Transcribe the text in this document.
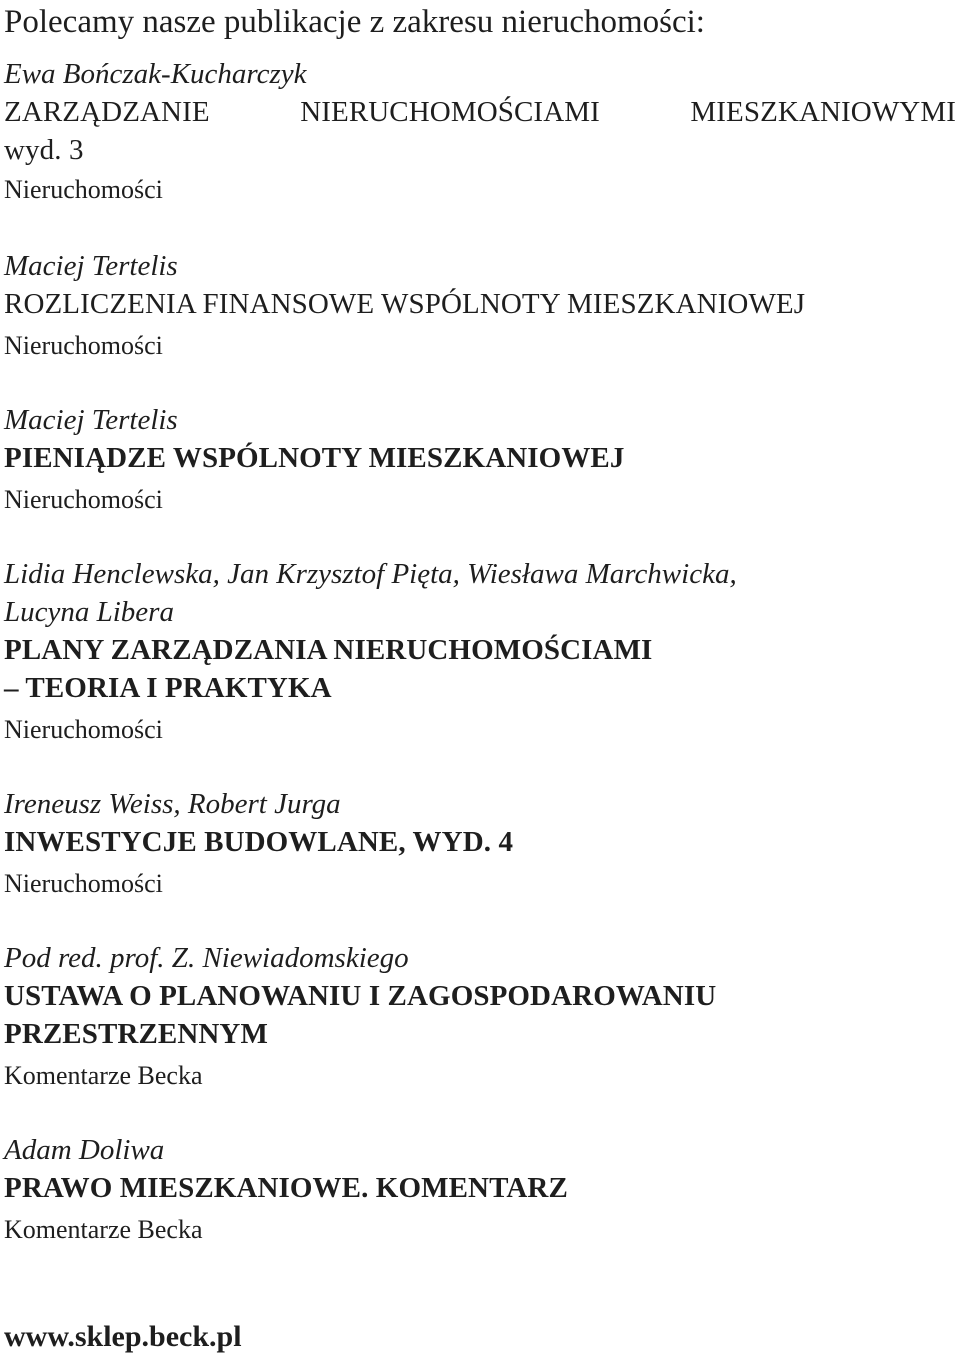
Polecamy nasze publikacje z zakresu nieruchomości:
Ewa Bończak-Kucharczyk
ZARZĄDZANIE	NIERUCHOMOŚCIAMI	MIESZKANIOWYMI
wyd. 3
Nieruchomości
Maciej Tertelis
ROZLICZENIA FINANSOWE WSPÓLNOTY MIESZKANIOWEJ
Nieruchomości
Maciej Tertelis
PIENIĄDZE WSPÓLNOTY MIESZKANIOWEJ
Nieruchomości
Lidia Henclewska, Jan Krzysztof Pięta, Wiesława Marchwicka,
Lucyna Libera
PLANY ZARZĄDZANIA NIERUCHOMOŚCIAMI
– TEORIA I PRAKTYKA
Nieruchomości
Ireneusz Weiss, Robert Jurga
INWESTYCJE BUDOWLANE, WYD. 4
Nieruchomości
Pod red. prof. Z. Niewiadomskiego
USTAWA O PLANOWANIU I ZAGOSPODAROWANIU
PRZESTRZENNYM
Komentarze Becka
Adam Doliwa
PRAWO MIESZKANIOWE. KOMENTARZ
Komentarze Becka
www.sklep.beck.pl
